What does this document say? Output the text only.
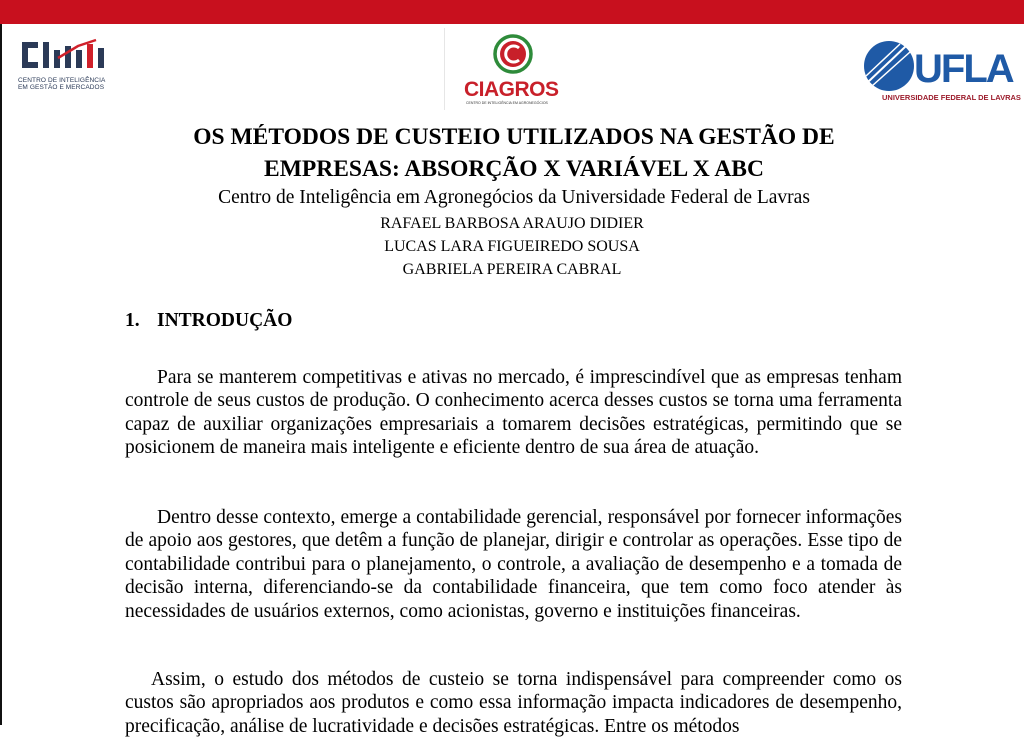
CENTRO DE INTELIGÊNCIA
EM GESTÃO E MERCADOS	CIAGROS
CENTRO DE INTELIGÊNCIA EM AGRONEGÓCIOS
UFLA
UNIVERSIDADE FEDERAL DE LAVRAS
OS MÉTODOS DE CUSTEIO UTILIZADOS NA GESTÃO DE
EMPRESAS: ABSORÇÃO X VARIÁVEL X ABC
Centro de Inteligência em Agronegócios da Universidade Federal de Lavras
RAFAEL BARBOSA ARAUJO DIDIER
LUCAS LARA FIGUEIREDO SOUSA
GABRIELA PEREIRA CABRAL
1. INTRODUÇÃO

Para se manterem competitivas e ativas no mercado, é imprescindível que as empresas tenham controle de seus custos de produção. O conhecimento acerca desses custos se torna uma ferramenta capaz de auxiliar organizações empresariais a tomarem decisões estratégicas, permitindo que se posicionem de maneira mais inteligente e eficiente dentro de sua área de atuação.

Dentro desse contexto, emerge a contabilidade gerencial, responsável por fornecer informações de apoio aos gestores, que detêm a função de planejar, dirigir e controlar as operações. Esse tipo de contabilidade contribui para o planejamento, o controle, a avaliação de desempenho e a tomada de decisão interna, diferenciando-se da contabilidade financeira, que tem como foco atender às necessidades de usuários externos, como acionistas, governo e instituições financeiras.

Assim, o estudo dos métodos de custeio se torna indispensável para compreender como os custos são apropriados aos produtos e como essa informação impacta indicadores de desempenho, precificação, análise de lucratividade e decisões estratégicas. Entre os métodos
